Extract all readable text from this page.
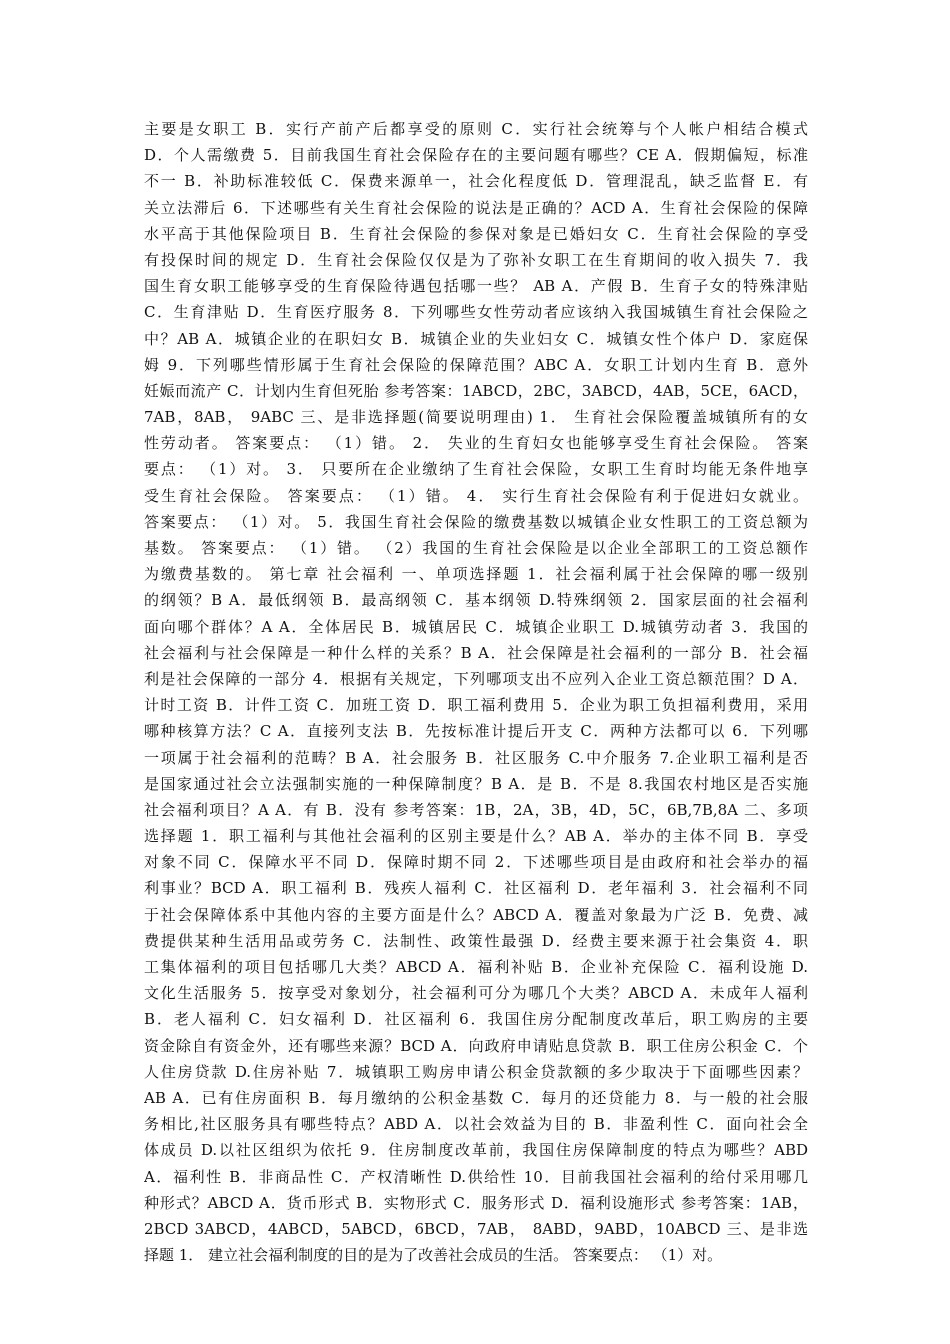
主要是女职工 B．实行产前产后都享受的原则 C．实行社会统筹与个人帐户相结合模式
D．个人需缴费 5．目前我国生育社会保险存在的主要问题有哪些？CE A．假期偏短，标准
不一 B．补助标准较低 C．保费来源单一，社会化程度低 D．管理混乱，缺乏监督 E．有
关立法滞后 6．下述哪些有关生育社会保险的说法是正确的？ACD A．生育社会保险的保障
水平高于其他保险项目 B．生育社会保险的参保对象是已婚妇女 C．生育社会保险的享受
有投保时间的规定 D．生育社会保险仅仅是为了弥补女职工在生育期间的收入损失 7．我
国生育女职工能够享受的生育保险待遇包括哪一些？ AB A．产假 B．生育子女的特殊津贴
C．生育津贴 D．生育医疗服务 8．下列哪些女性劳动者应该纳入我国城镇生育社会保险之
中？AB A．城镇企业的在职妇女 B．城镇企业的失业妇女 C．城镇女性个体户 D．家庭保
姆 9．下列哪些情形属于生育社会保险的保障范围？ABC A．女职工计划内生育 B．意外
妊娠而流产 C．计划内生育但死胎 参考答案：1ABCD，2BC，3ABCD，4AB，5CE，6ACD，
7AB，8AB， 9ABC 三、是非选择题(简要说明理由) 1． 生育社会保险覆盖城镇所有的女
性劳动者。 答案要点： （1）错。 2． 失业的生育妇女也能够享受生育社会保险。 答案
要点： （1）对。 3． 只要所在企业缴纳了生育社会保险，女职工生育时均能无条件地享
受生育社会保险。 答案要点： （1）错。 4． 实行生育社会保险有利于促进妇女就业。
答案要点： （1）对。 5．我国生育社会保险的缴费基数以城镇企业女性职工的工资总额为
基数。 答案要点： （1）错。 （2）我国的生育社会保险是以企业全部职工的工资总额作
为缴费基数的。 第七章 社会福利 一、单项选择题 1．社会福利属于社会保障的哪一级别
的纲领？B A．最低纲领 B．最高纲领 C．基本纲领 D.特殊纲领 2．国家层面的社会福利
面向哪个群体？A A．全体居民 B．城镇居民 C．城镇企业职工 D.城镇劳动者 3．我国的
社会福利与社会保障是一种什么样的关系？B A．社会保障是社会福利的一部分 B．社会福
利是社会保障的一部分 4．根据有关规定，下列哪项支出不应列入企业工资总额范围？D A．
计时工资 B．计件工资 C．加班工资 D．职工福利费用 5．企业为职工负担福利费用，采用
哪种核算方法？C A．直接列支法 B．先按标准计提后开支 C．两种方法都可以 6．下列哪
一项属于社会福利的范畴？B A．社会服务 B．社区服务 C.中介服务 7.企业职工福利是否
是国家通过社会立法强制实施的一种保障制度？B A．是 B．不是 8.我国农村地区是否实施
社会福利项目？A A．有 B．没有 参考答案：1B，2A，3B，4D，5C，6B,7B,8A 二、多项
选择题 1．职工福利与其他社会福利的区别主要是什么？AB A．举办的主体不同 B．享受
对象不同 C．保障水平不同 D．保障时期不同 2．下述哪些项目是由政府和社会举办的福
利事业？BCD A．职工福利 B．残疾人福利 C．社区福利 D．老年福利 3．社会福利不同
于社会保障体系中其他内容的主要方面是什么？ABCD A．覆盖对象最为广泛 B．免费、减
费提供某种生活用品或劳务 C．法制性、政策性最强 D．经费主要来源于社会集资 4．职
工集体福利的项目包括哪几大类？ABCD A．福利补贴 B．企业补充保险 C．福利设施 D.
文化生活服务 5．按享受对象划分，社会福利可分为哪几个大类？ABCD A．未成年人福利
B．老人福利 C．妇女福利 D．社区福利 6．我国住房分配制度改革后，职工购房的主要
资金除自有资金外，还有哪些来源？BCD A．向政府申请贴息贷款 B．职工住房公积金 C．个
人住房贷款 D.住房补贴 7．城镇职工购房申请公积金贷款额的多少取决于下面哪些因素？
AB A．已有住房面积 B．每月缴纳的公积金基数 C．每月的还贷能力 8．与一般的社会服
务相比,社区服务具有哪些特点？ABD A．以社会效益为目的 B．非盈利性 C．面向社会全
体成员 D.以社区组织为依托 9．住房制度改革前，我国住房保障制度的特点为哪些？ABD
A．福利性 B．非商品性 C．产权清晰性 D.供给性 10．目前我国社会福利的给付采用哪几
种形式？ABCD A．货币形式 B．实物形式 C．服务形式 D．福利设施形式 参考答案：1AB，
2BCD 3ABCD，4ABCD，5ABCD，6BCD，7AB， 8ABD，9ABD，10ABCD 三、是非选
择题 1． 建立社会福利制度的目的是为了改善社会成员的生活。 答案要点： （1）对。
